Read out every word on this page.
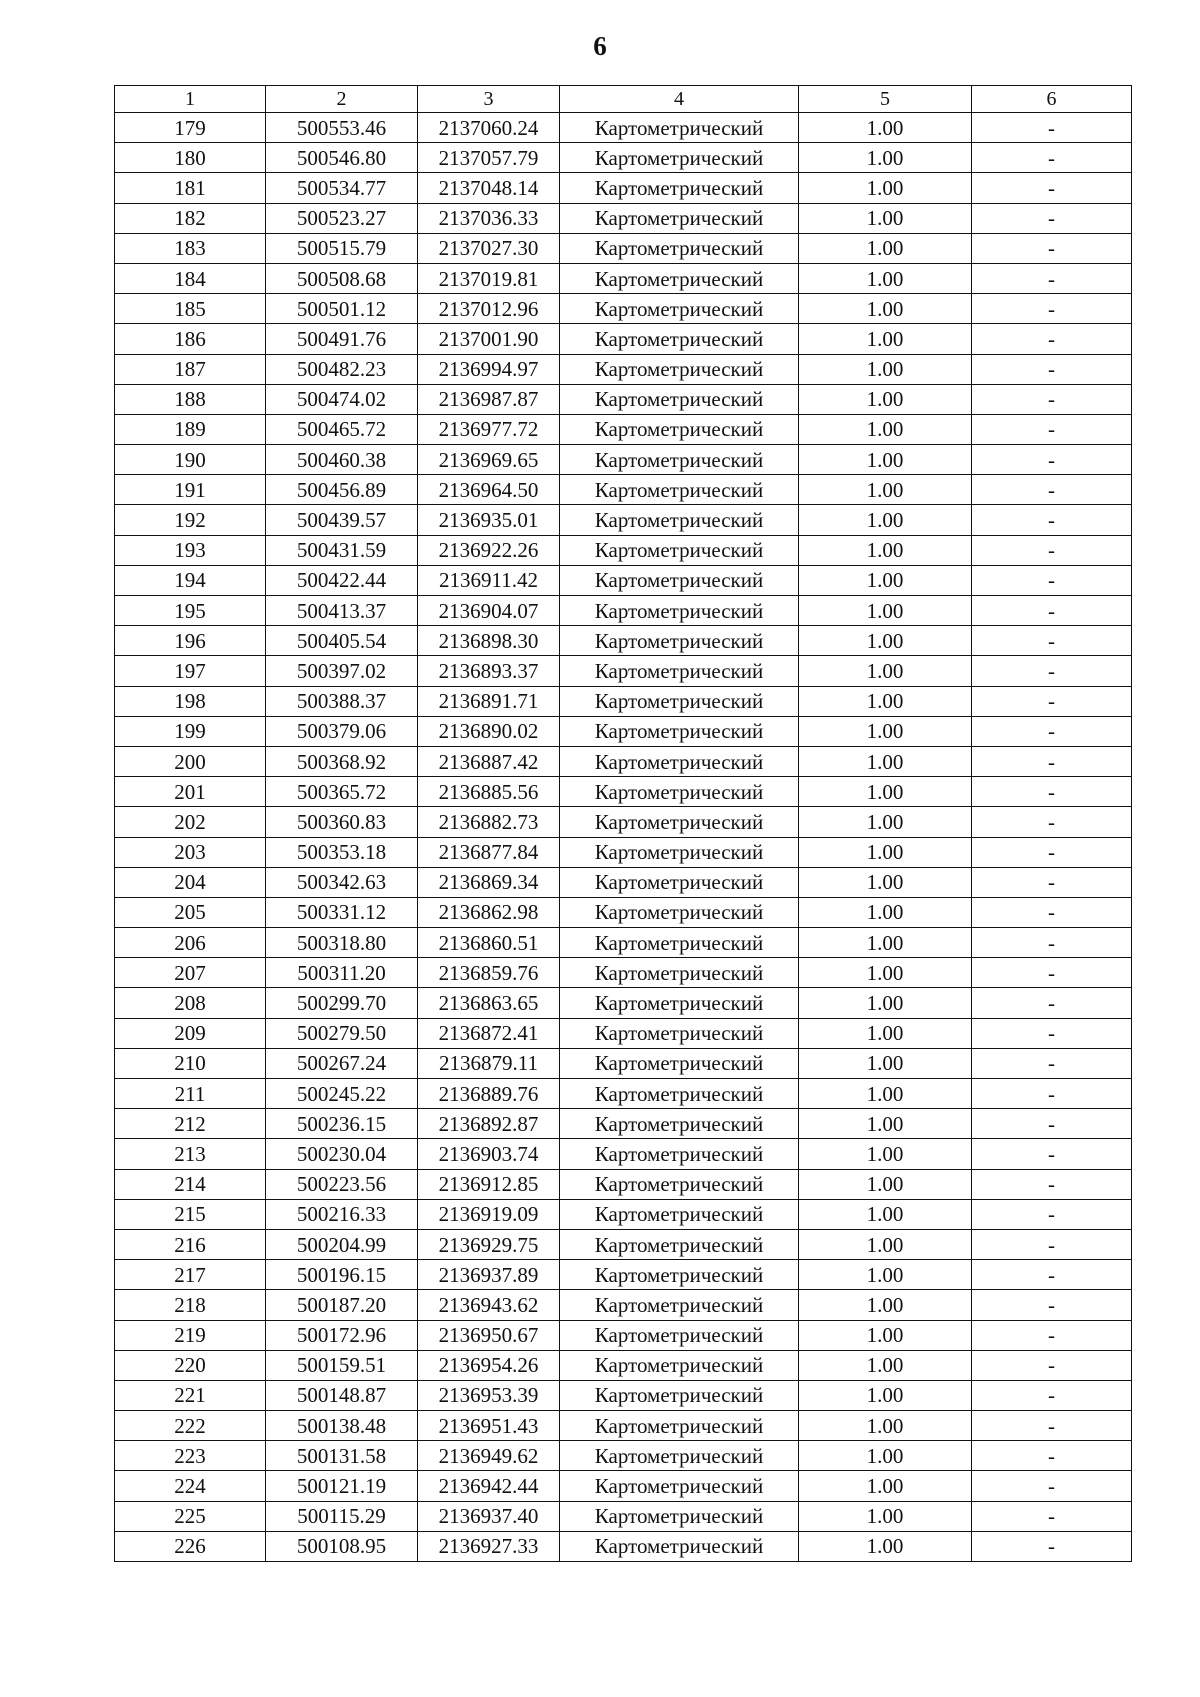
6
1	2	3	4	5	6
179	500553.46	2137060.24	Картометрический	1.00	-
180	500546.80	2137057.79	Картометрический	1.00	-
181	500534.77	2137048.14	Картометрический	1.00	-
182	500523.27	2137036.33	Картометрический	1.00	-
183	500515.79	2137027.30	Картометрический	1.00	-
184	500508.68	2137019.81	Картометрический	1.00	-
185	500501.12	2137012.96	Картометрический	1.00	-
186	500491.76	2137001.90	Картометрический	1.00	-
187	500482.23	2136994.97	Картометрический	1.00	-
188	500474.02	2136987.87	Картометрический	1.00	-
189	500465.72	2136977.72	Картометрический	1.00	-
190	500460.38	2136969.65	Картометрический	1.00	-
191	500456.89	2136964.50	Картометрический	1.00	-
192	500439.57	2136935.01	Картометрический	1.00	-
193	500431.59	2136922.26	Картометрический	1.00	-
194	500422.44	2136911.42	Картометрический	1.00	-
195	500413.37	2136904.07	Картометрический	1.00	-
196	500405.54	2136898.30	Картометрический	1.00	-
197	500397.02	2136893.37	Картометрический	1.00	-
198	500388.37	2136891.71	Картометрический	1.00	-
199	500379.06	2136890.02	Картометрический	1.00	-
200	500368.92	2136887.42	Картометрический	1.00	-
201	500365.72	2136885.56	Картометрический	1.00	-
202	500360.83	2136882.73	Картометрический	1.00	-
203	500353.18	2136877.84	Картометрический	1.00	-
204	500342.63	2136869.34	Картометрический	1.00	-
205	500331.12	2136862.98	Картометрический	1.00	-
206	500318.80	2136860.51	Картометрический	1.00	-
207	500311.20	2136859.76	Картометрический	1.00	-
208	500299.70	2136863.65	Картометрический	1.00	-
209	500279.50	2136872.41	Картометрический	1.00	-
210	500267.24	2136879.11	Картометрический	1.00	-
211	500245.22	2136889.76	Картометрический	1.00	-
212	500236.15	2136892.87	Картометрический	1.00	-
213	500230.04	2136903.74	Картометрический	1.00	-
214	500223.56	2136912.85	Картометрический	1.00	-
215	500216.33	2136919.09	Картометрический	1.00	-
216	500204.99	2136929.75	Картометрический	1.00	-
217	500196.15	2136937.89	Картометрический	1.00	-
218	500187.20	2136943.62	Картометрический	1.00	-
219	500172.96	2136950.67	Картометрический	1.00	-
220	500159.51	2136954.26	Картометрический	1.00	-
221	500148.87	2136953.39	Картометрический	1.00	-
222	500138.48	2136951.43	Картометрический	1.00	-
223	500131.58	2136949.62	Картометрический	1.00	-
224	500121.19	2136942.44	Картометрический	1.00	-
225	500115.29	2136937.40	Картометрический	1.00	-
226	500108.95	2136927.33	Картометрический	1.00	-
